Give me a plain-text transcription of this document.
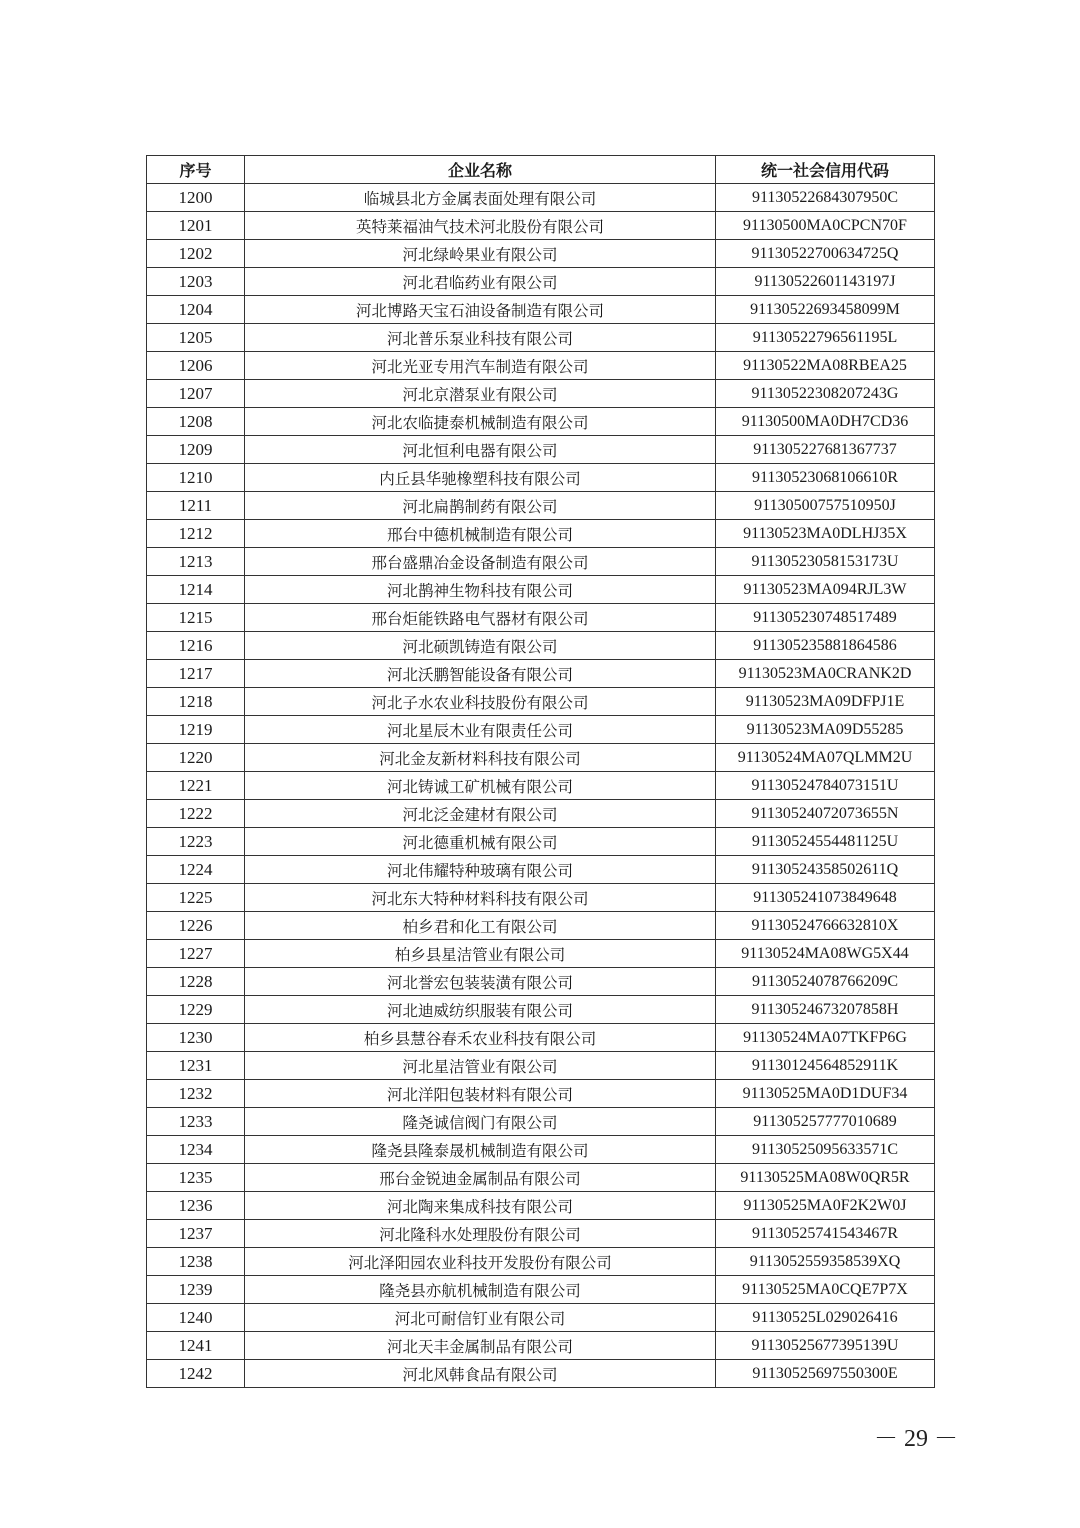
序号	企业名称	统一社会信用代码
1200	临城县北方金属表面处理有限公司	91130522684307950C
1201	英特莱福油气技术河北股份有限公司	91130500MA0CPCN70F
1202	河北绿岭果业有限公司	91130522700634725Q
1203	河北君临药业有限公司	91130522601143197J
1204	河北博路天宝石油设备制造有限公司	91130522693458099M
1205	河北普乐泵业科技有限公司	91130522796561195L
1206	河北光亚专用汽车制造有限公司	91130522MA08RBEA25
1207	河北京潜泵业有限公司	91130522308207243G
1208	河北农临捷泰机械制造有限公司	91130500MA0DH7CD36
1209	河北恒利电器有限公司	911305227681367737
1210	内丘县华驰橡塑科技有限公司	91130523068106610R
1211	河北扁鹊制药有限公司	91130500757510950J
1212	邢台中德机械制造有限公司	91130523MA0DLHJ35X
1213	邢台盛鼎冶金设备制造有限公司	91130523058153173U
1214	河北鹊神生物科技有限公司	91130523MA094RJL3W
1215	邢台炬能铁路电气器材有限公司	911305230748517489
1216	河北硕凯铸造有限公司	911305235881864586
1217	河北沃鹏智能设备有限公司	91130523MA0CRANK2D
1218	河北子水农业科技股份有限公司	91130523MA09DFPJ1E
1219	河北星辰木业有限责任公司	91130523MA09D55285
1220	河北金友新材料科技有限公司	91130524MA07QLMM2U
1221	河北铸诚工矿机械有限公司	91130524784073151U
1222	河北泛金建材有限公司	91130524072073655N
1223	河北德重机械有限公司	91130524554481125U
1224	河北伟耀特种玻璃有限公司	91130524358502611Q
1225	河北东大特种材料科技有限公司	911305241073849648
1226	柏乡君和化工有限公司	91130524766632810X
1227	柏乡县星洁管业有限公司	91130524MA08WG5X44
1228	河北誉宏包装装潢有限公司	91130524078766209C
1229	河北迪威纺织服装有限公司	91130524673207858H
1230	柏乡县慧谷春禾农业科技有限公司	91130524MA07TKFP6G
1231	河北星洁管业有限公司	91130124564852911K
1232	河北洋阳包装材料有限公司	91130525MA0D1DUF34
1233	隆尧诚信阀门有限公司	911305257777010689
1234	隆尧县隆泰晟机械制造有限公司	91130525095633571C
1235	邢台金锐迪金属制品有限公司	91130525MA08W0QR5R
1236	河北陶来集成科技有限公司	91130525MA0F2K2W0J
1237	河北隆科水处理股份有限公司	91130525741543467R
1238	河北泽阳园农业科技开发股份有限公司	9113052559358539XQ
1239	隆尧县亦航机械制造有限公司	91130525MA0CQE7P7X
1240	河北可耐信钉业有限公司	91130525L029026416
1241	河北天丰金属制品有限公司	91130525677395139U
1242	河北风韩食品有限公司	91130525697550300E
－ 29 －
